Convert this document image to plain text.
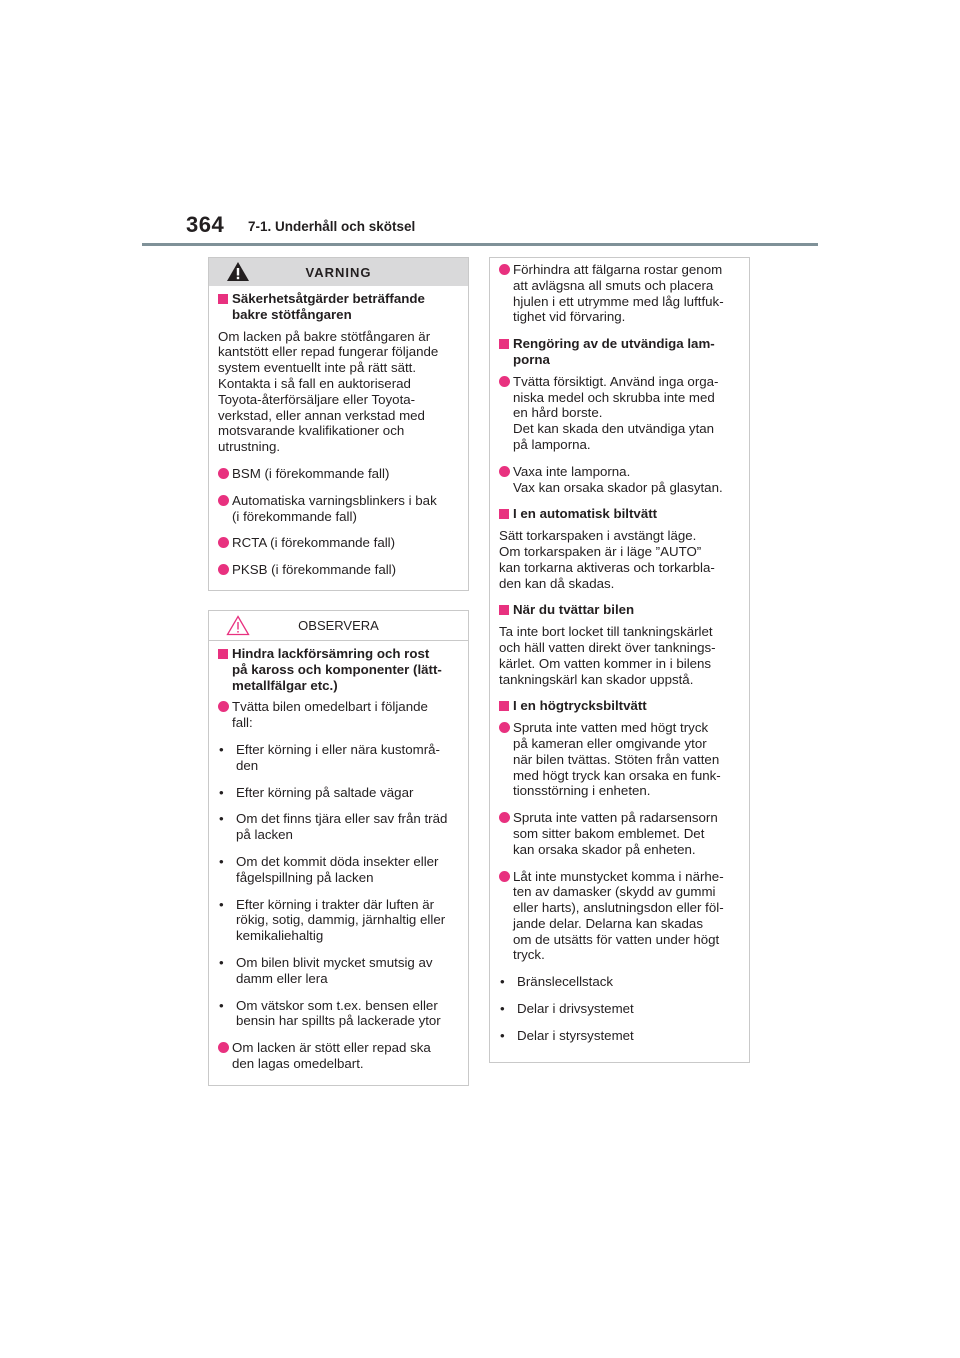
364 7-1. Underhåll och skötsel
VARNING
Säkerhetsåtgärder beträffande
bakre stötfångaren
Om lacken på bakre stötfångaren är
kantstött eller repad fungerar följande
system eventuellt inte på rätt sätt.
Kontakta i så fall en auktoriserad
Toyota-återförsäljare eller Toyota-
verkstad, eller annan verkstad med
motsvarande kvalifikationer och
utrustning.
BSM (i förekommande fall)
Automatiska varningsblinkers i bak
(i förekommande fall)
RCTA (i förekommande fall)
PKSB (i förekommande fall)
OBSERVERA
Hindra lackförsämring och rost
på kaross och komponenter (lätt-
metallfälgar etc.)
Tvätta bilen omedelbart i följande
fall:
• Efter körning i eller nära kustområ-
den
• Efter körning på saltade vägar
• Om det finns tjära eller sav från träd
på lacken
• Om det kommit döda insekter eller
fågelspillning på lacken
• Efter körning i trakter där luften är
rökig, sotig, dammig, järnhaltig eller
kemikaliehaltig
• Om bilen blivit mycket smutsig av
damm eller lera
• Om vätskor som t.ex. bensen eller
bensin har spillts på lackerade ytor
Om lacken är stött eller repad ska
den lagas omedelbart.
Förhindra att fälgarna rostar genom
att avlägsna all smuts och placera
hjulen i ett utrymme med låg luftfuk-
tighet vid förvaring.
Rengöring av de utvändiga lam-
porna
Tvätta försiktigt. Använd inga orga-
niska medel och skrubba inte med
en hård borste.
Det kan skada den utvändiga ytan
på lamporna.
Vaxa inte lamporna.
Vax kan orsaka skador på glasytan.
I en automatisk biltvätt
Sätt torkarspaken i avstängt läge.
Om torkarspaken är i läge ”AUTO”
kan torkarna aktiveras och torkarbla-
den kan då skadas.
När du tvättar bilen
Ta inte bort locket till tankningskärlet
och häll vatten direkt över tanknings-
kärlet. Om vatten kommer in i bilens
tankningskärl kan skador uppstå.
I en högtrycksbiltvätt
Spruta inte vatten med högt tryck
på kameran eller omgivande ytor
när bilen tvättas. Stöten från vatten
med högt tryck kan orsaka en funk-
tionsstörning i enheten.
Spruta inte vatten på radarsensorn
som sitter bakom emblemet. Det
kan orsaka skador på enheten.
Låt inte munstycket komma i närhe-
ten av damasker (skydd av gummi
eller harts), anslutningsdon eller föl-
jande delar. Delarna kan skadas
om de utsätts för vatten under högt
tryck.
• Bränslecellstack
• Delar i drivsystemet
• Delar i styrsystemet
